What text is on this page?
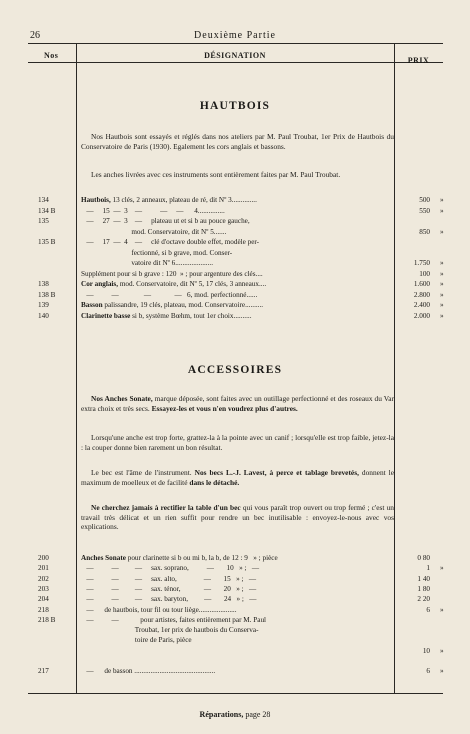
26	Deuxième Partie
Nos	DÉSIGNATION
PRIX
HAUTBOIS
Nos Hautbois sont essayés et réglés dans nos ateliers par M. Paul Troubat, 1er Prix de Hautbois du Conservatoire de Paris (1930). Egalement les cors anglais et bassons.
Les anches livrées avec ces instruments sont entièrement faites par M. Paul Troubat.
134	Hautbois, 13 clés, 2 anneaux, plateau de ré, dit Nº 3..............	500 »
134 B	—     15  —  3    —          —     —      4...............	550 »
135	—     27  —  3    —     plateau ut et si b au pouce gauche,
mod. Conservatoire, dit Nº 5.......	850 »
135 B	—     17  —  4    —     clé d'octave double effet, modèle per-
fectionné, si b grave, mod. Conser-
vatoire dit Nº 6.....................	1.750 »
Supplément pour si b grave : 120  » ; pour argenture des clés....	100 »
138	Cor anglais, mod. Conservatoire, dit Nº 5, 17 clés, 3 anneaux....	1.600 »
138 B	—          —              —             —   6, mod. perfectionné......	2.800 »
139	Basson palissandre, 19 clés, plateau, mod. Conservatoire..........	2.400 »
140	Clarinette basse si b, système Bœhm, tout 1er choix..........	2.000 »
ACCESSOIRES
Nos Anches Sonate, marque déposée, sont faites avec un outillage perfectionné et des roseaux du Var extra choix et très secs. Essayez-les et vous n'en voudrez plus d'autres.
Lorsqu'une anche est trop forte, grattez-la à la pointe avec un canif ; lorsqu'elle est trop faible, jetez-la : la couper donne bien rarement un bon résultat.
Le bec est l'âme de l'instrument. Nos becs L.-J. Lavest, à perce et tablage brevetés, donnent le maximum de moelleux et de facilité dans le détaché.
Ne cherchez jamais à rectifier la table d'un bec qui vous paraît trop ouvert ou trop fermé ; c'est un travail très délicat et un rien suffit pour rendre un bec inutilisable : envoyez-le-nous avec vos explications.
200	Anches Sonate pour clarinette si b ou mi b, la b, de 12 : 9   » ; pièce	0 80
201	—          —         —     sax. soprano,          —       10   » ;   —	1 »
202	—          —         —     sax. alto,               —       15   » ;   —	1 40
203	—          —         —     sax. ténor,             —       20   » ;   —	1 80
204	—          —         —     sax. baryton,         —       24   » ;   —	2 20
218	—      de hautbois, tour fil ou tour liège.....................	6 »
218 B	—          —            pour artistes, faites entièrement par M. Paul
Troubat, 1er prix de hautbois du Conserva-
toire de Paris, pièce
10 »
217	—      de basson .............................................	6 »
Réparations, page 28
